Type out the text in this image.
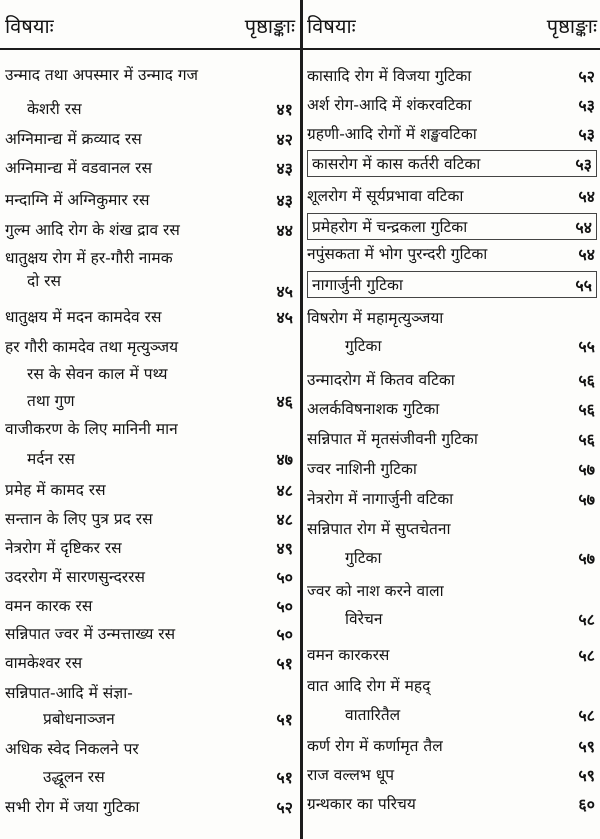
विषयाः	पृष्ठाङ्काः
उन्माद तथा अपस्मार में उन्माद गज
केशरी रस	४१
अग्निमान्द्य में क्रव्याद रस	४२
अग्निमान्द्य में वडवानल रस	४३
मन्दाग्नि में अग्निकुमार रस	४३
गुल्म आदि रोग के शंख द्राव रस	४४
धातुक्षय रोग में हर-गौरी नामक
दो रस
४५
धातुक्षय में मदन कामदेव रस	४५
हर गौरी कामदेव तथा मृत्युञ्जय
रस के सेवन काल में पथ्य
तथा गुण	४६
वाजीकरण के लिए मानिनी मान
मर्दन रस	४७
प्रमेह में कामद रस	४८
सन्तान के लिए पुत्र प्रद रस	४८
नेत्ररोग में दृष्टिकर रस	४९
उदररोग में सारणसुन्दररस	५०
वमन कारक रस	५०
सन्निपात ज्वर में उन्मत्ताख्य रस	५०
वामकेश्वर रस	५१
सन्निपात-आदि में संज्ञा-
प्रबोधनाञ्जन	५१
अधिक स्वेद निकलने पर
उद्धूलन रस	५१
सभी रोग में जया गुटिका	५२
विषयाः	पृष्ठाङ्काः
कासादि रोग में विजया गुटिका	५२
अर्श रोग-आदि में शंकरवटिका	५३
ग्रहणी-आदि रोगों में शङ्खवटिका	५३
कासरोग में कास कर्तरी वटिका	५३
शूलरोग में सूर्यप्रभावा वटिका	५४
प्रमेहरोग में चन्द्रकला गुटिका	५४
नपुंसकता में भोग पुरन्दरी गुटिका	५४
नागार्जुनी गुटिका	५५
विषरोग में महामृत्युञ्जया
गुटिका	५५
उन्मादरोग में कितव वटिका	५६
अलर्कविषनाशक गुटिका	५६
सन्निपात में मृतसंजीवनी गुटिका	५६
ज्वर नाशिनी गुटिका	५७
नेत्ररोग में नागार्जुनी वटिका	५७
सन्निपात रोग में सुप्तचेतना
गुटिका	५७
ज्वर को नाश करने वाला
विरेचन	५८
वमन कारकरस	५८
वात आदि रोग में महद्
वातारितैल	५८
कर्ण रोग में कर्णामृत तैल	५९
राज वल्लभ धूप	५९
ग्रन्थकार का परिचय	६०
